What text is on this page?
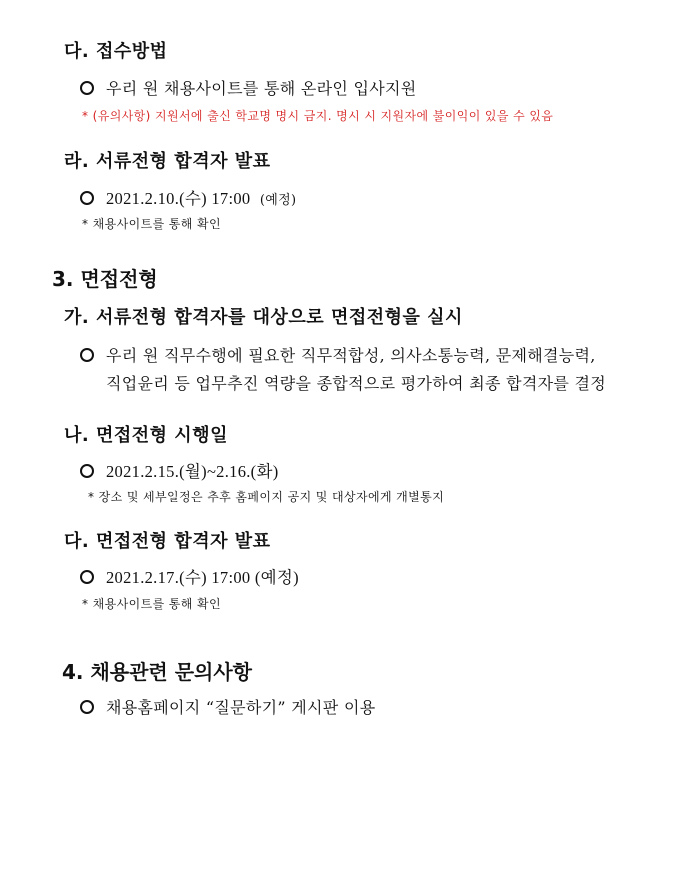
다. 접수방법
우리 원 채용사이트를 통해 온라인 입사지원
* (유의사항) 지원서에 출신 학교명 명시 금지. 명시 시 지원자에 불이익이 있을 수 있음
라. 서류전형 합격자 발표
2021.2.10.(수) 17:00 (예정)
* 채용사이트를 통해 확인
3. 면접전형
가. 서류전형 합격자를 대상으로 면접전형을 실시
우리 원 직무수행에 필요한 직무적합성, 의사소통능력, 문제해결능력,
직업윤리 등 업무추진 역량을 종합적으로 평가하여 최종 합격자를 결정
나. 면접전형 시행일
2021.2.15.(월)~2.16.(화)
* 장소 및 세부일정은 추후 홈페이지 공지 및 대상자에게 개별통지
다. 면접전형 합격자 발표
2021.2.17.(수) 17:00 (예정)
* 채용사이트를 통해 확인
4. 채용관련 문의사항
채용홈페이지 “질문하기” 게시판 이용
